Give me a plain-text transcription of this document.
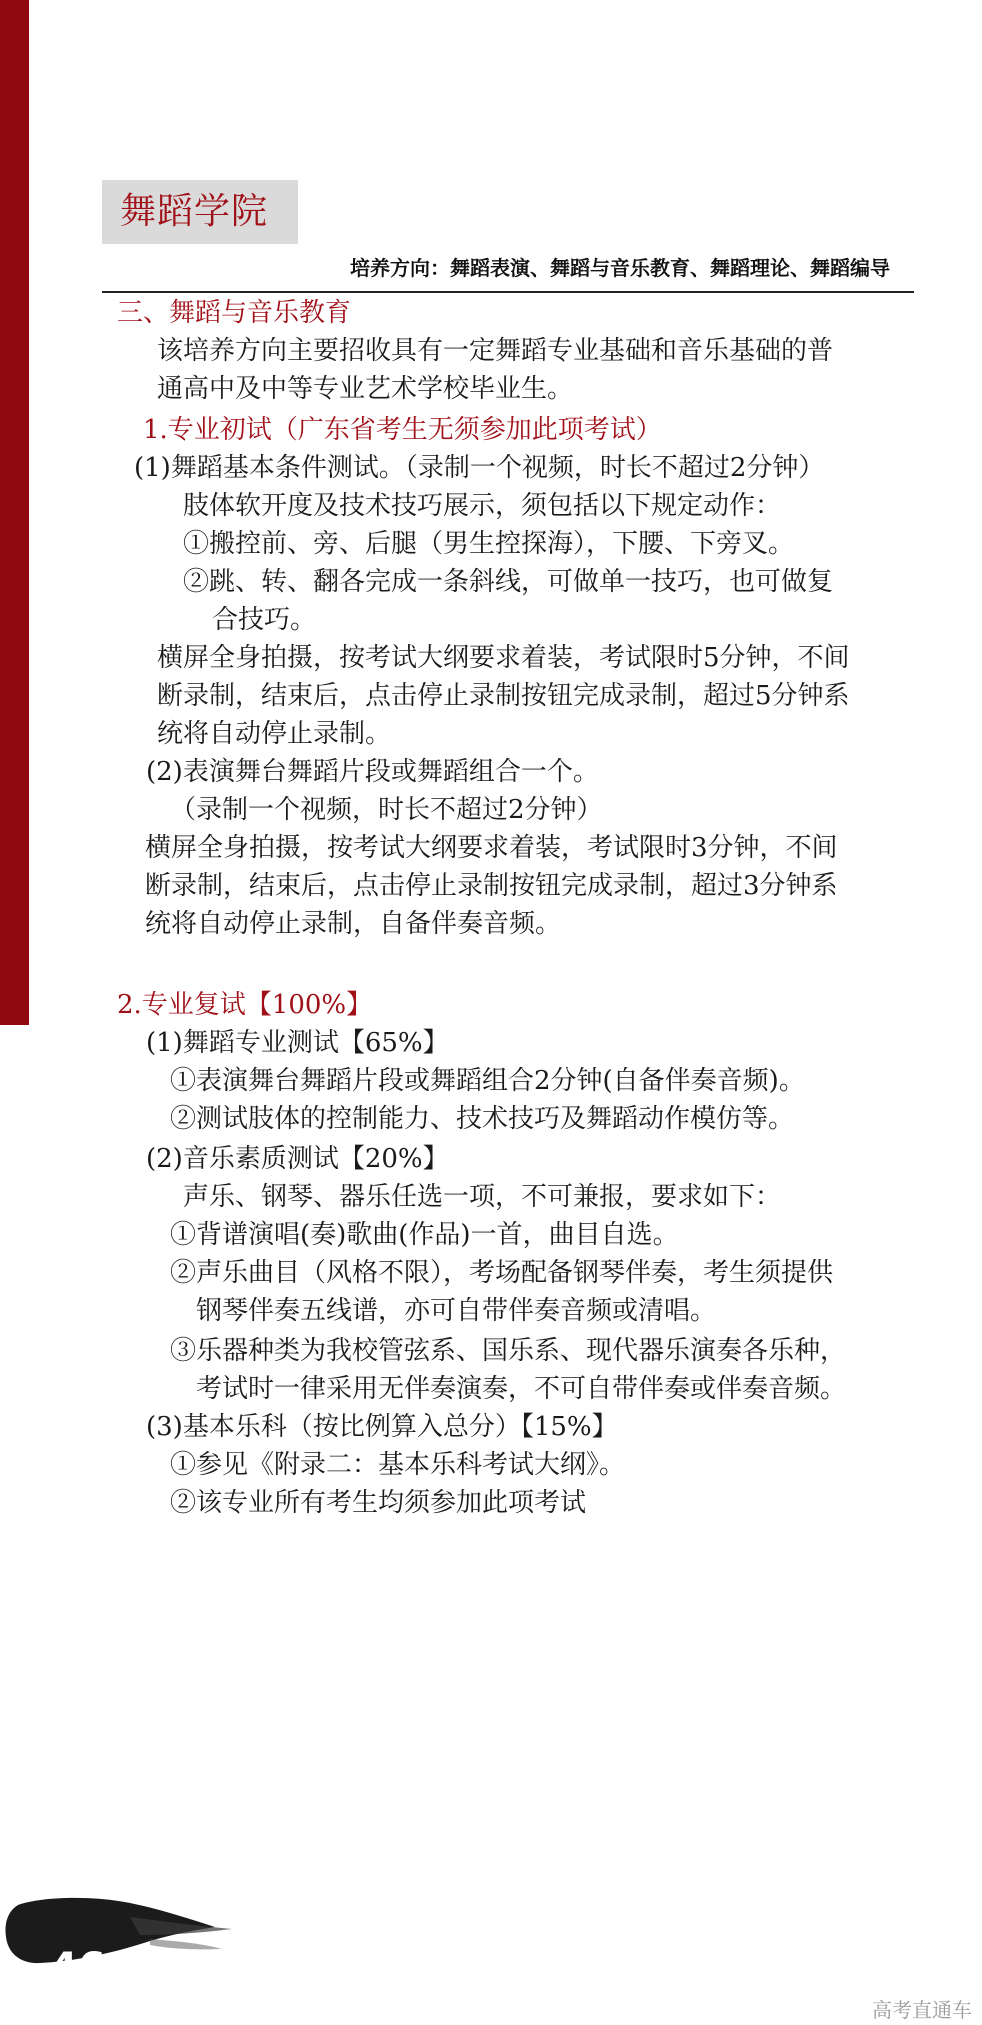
舞蹈学院
培养方向：舞蹈表演、舞蹈与音乐教育、舞蹈理论、舞蹈编导
三、舞蹈与音乐教育
该培养方向主要招收具有一定舞蹈专业基础和音乐基础的普
通高中及中等专业艺术学校毕业生。
1.专业初试（广东省考生无须参加此项考试）
(1)舞蹈基本条件测试。（录制一个视频，时长不超过2分钟）
肢体软开度及技术技巧展示，须包括以下规定动作：
①搬控前、旁、后腿（男生控探海），下腰、下旁叉。
②跳、转、翻各完成一条斜线，可做单一技巧，也可做复
合技巧。
横屏全身拍摄，按考试大纲要求着装，考试限时5分钟，不间
断录制，结束后，点击停止录制按钮完成录制，超过5分钟系
统将自动停止录制。
(2)表演舞台舞蹈片段或舞蹈组合一个。
（录制一个视频，时长不超过2分钟）
横屏全身拍摄，按考试大纲要求着装，考试限时3分钟，不间
断录制，结束后，点击停止录制按钮完成录制，超过3分钟系
统将自动停止录制，自备伴奏音频。
2.专业复试【100%】
(1)舞蹈专业测试【65%】
①表演舞台舞蹈片段或舞蹈组合2分钟(自备伴奏音频)。
②测试肢体的控制能力、技术技巧及舞蹈动作模仿等。
(2)音乐素质测试【20%】
声乐、钢琴、器乐任选一项，不可兼报，要求如下：
①背谱演唱(奏)歌曲(作品)一首，曲目自选。
②声乐曲目（风格不限），考场配备钢琴伴奏，考生须提供
钢琴伴奏五线谱，亦可自带伴奏音频或清唱。
③乐器种类为我校管弦系、国乐系、现代器乐演奏各乐种，
考试时一律采用无伴奏演奏，不可自带伴奏或伴奏音频。
(3)基本乐科（按比例算入总分）【15%】
①参见《附录二：基本乐科考试大纲》。
②该专业所有考生均须参加此项考试
46
高考直通车
